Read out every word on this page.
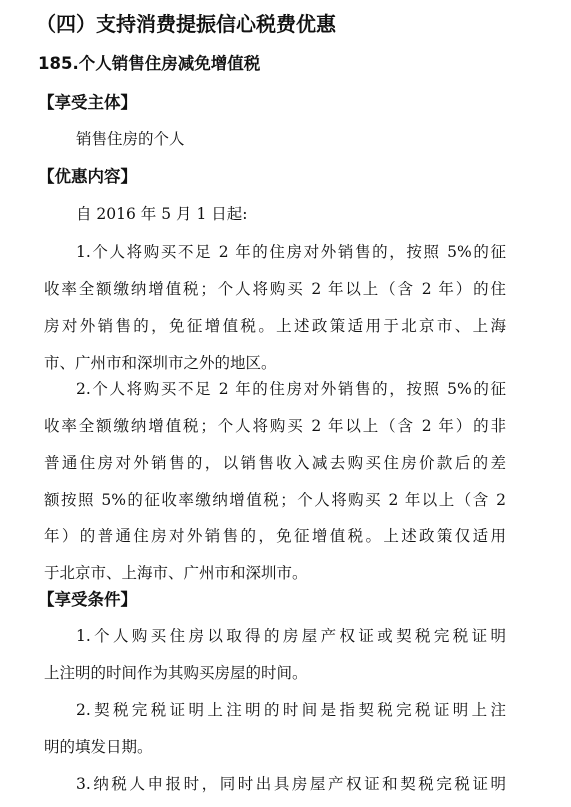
（四）支持消费提振信心税费优惠
185.个人销售住房减免增值税
【享受主体】
销售住房的个人
【优惠内容】
自 2016 年 5 月 1 日起:
1.个人将购买不足 2 年的住房对外销售的，按照 5%的征
收率全额缴纳增值税；个人将购买 2 年以上（含 2 年）的住
房对外销售的，免征增值税。上述政策适用于北京市、上海
市、广州市和深圳市之外的地区。
2.个人将购买不足 2 年的住房对外销售的，按照 5%的征
收率全额缴纳增值税；个人将购买 2 年以上（含 2 年）的非
普通住房对外销售的，以销售收入减去购买住房价款后的差
额按照 5%的征收率缴纳增值税；个人将购买 2 年以上（含 2
年）的普通住房对外销售的，免征增值税。上述政策仅适用
于北京市、上海市、广州市和深圳市。
【享受条件】
1.个人购买住房以取得的房屋产权证或契税完税证明
上注明的时间作为其购买房屋的时间。
2.契税完税证明上注明的时间是指契税完税证明上注
明的填发日期。
3.纳税人申报时，同时出具房屋产权证和契税完税证明
